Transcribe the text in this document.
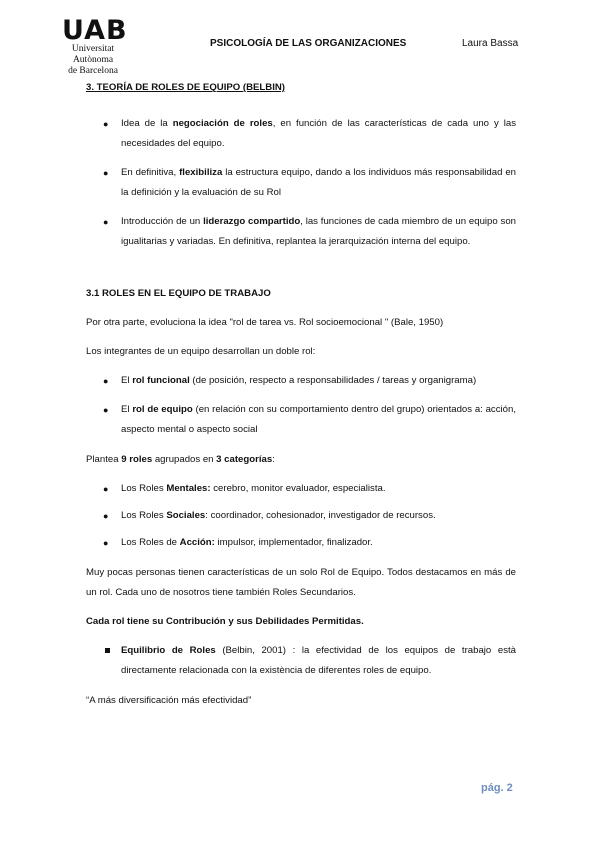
UAB
Universitat Autònoma
de Barcelona
PSICOLOGÍA DE LAS ORGANIZACIONES	Laura Bassa
3. TEORÍA DE ROLES DE EQUIPO (BELBIN)
● Idea de la negociación de roles, en función de las características de cada uno y las necesidades del equipo.
● En definitiva, flexibiliza la estructura equipo, dando a los individuos más responsabilidad en la definición y la evaluación de su Rol
● Introducción de un liderazgo compartido, las funciones de cada miembro de un equipo son igualitarias y variadas. En definitiva, replantea la jerarquización interna del equipo.
3.1 ROLES EN EL EQUIPO DE TRABAJO

Por otra parte, evoluciona la idea "rol de tarea vs. Rol socioemocional " (Bale, 1950)

Los integrantes de un equipo desarrollan un doble rol:

● El rol funcional (de posición, respecto a responsabilidades / tareas y organigrama)
● El rol de equipo (en relación con su comportamiento dentro del grupo) orientados a: acción, aspecto mental o aspecto social

Plantea 9 roles agrupados en 3 categorías:

● Los Roles Mentales: cerebro, monitor evaluador, especialista.
● Los Roles Sociales: coordinador, cohesionador, investigador de recursos.
● Los Roles de Acción: impulsor, implementador, finalizador.

Muy pocas personas tienen características de un solo Rol de Equipo. Todos destacamos en más de un rol. Cada uno de nosotros tiene también Roles Secundarios.

Cada rol tiene su Contribución y sus Debilidades Permitidas.

Equilibrio de Roles (Belbin, 2001) : la efectividad de los equipos de trabajo està directamente relacionada con la existència de diferentes roles de equipo.

“A más diversificación más efectividad”

pág. 2
